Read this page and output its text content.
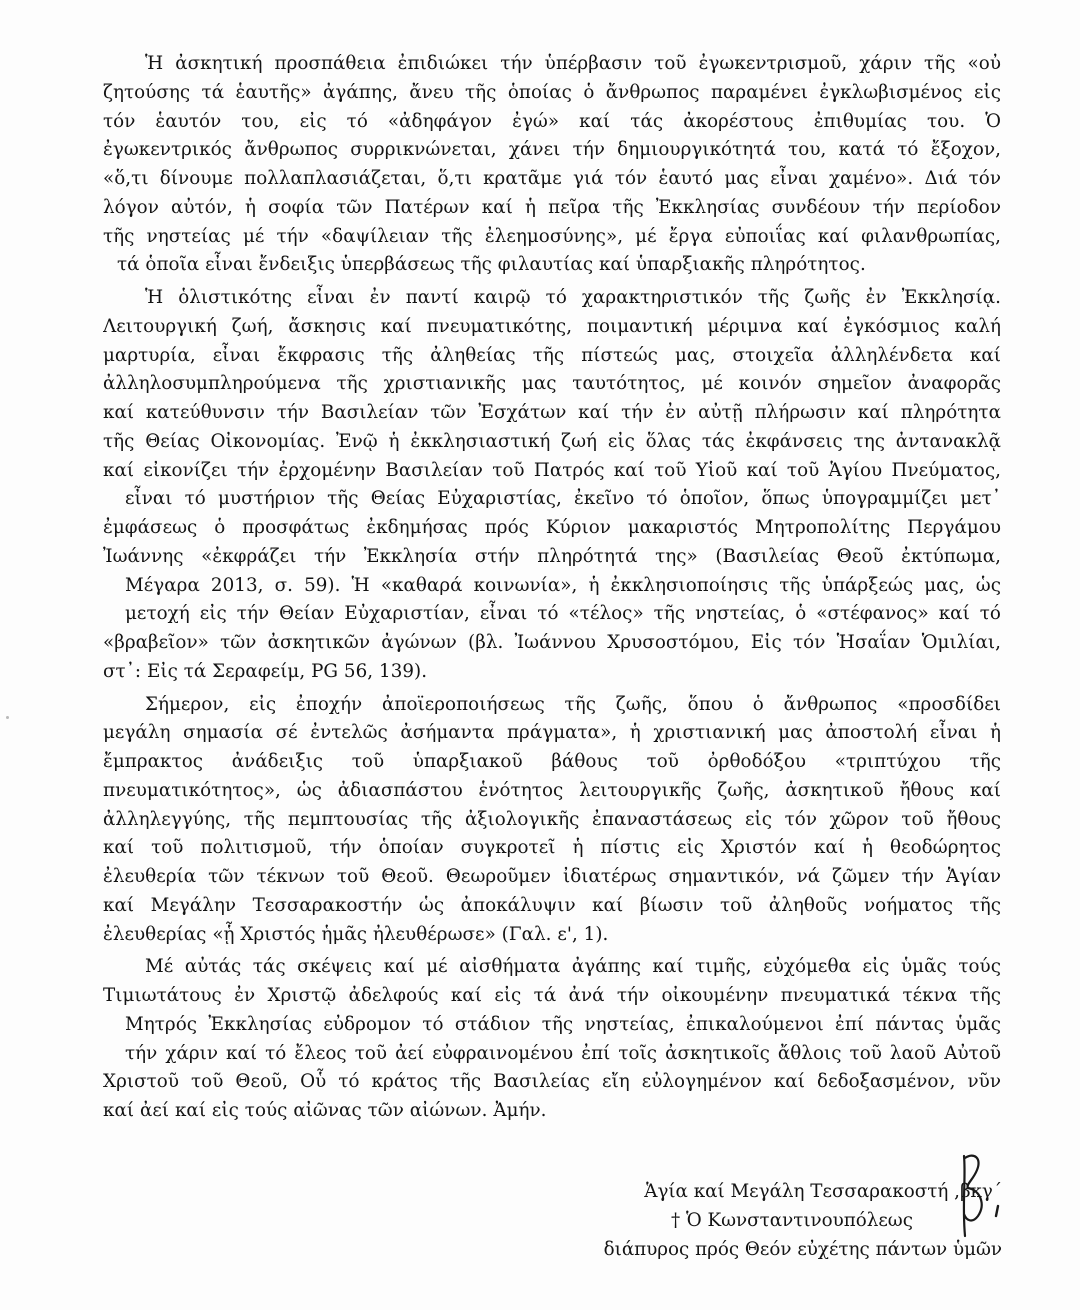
Ἡ ἀσκητική προσπάθεια ἐπιδιώκει τήν ὑπέρβασιν τοῦ ἐγωκεντρισμοῦ, χάριν τῆς «οὐ
ζητούσης τά ἑαυτῆς» ἀγάπης, ἄνευ τῆς ὁποίας ὁ ἄνθρωπος παραμένει ἐγκλωβισμένος εἰς
τόν ἑαυτόν του, εἰς τό «ἀδηφάγον ἐγώ» καί τάς ἀκορέστους ἐπιθυμίας του. Ὁ
ἐγωκεντρικός ἄνθρωπος συρρικνώνεται, χάνει τήν δημιουργικότητά του, κατά τό ἔξοχον,
«ὅ,τι δίνουμε πολλαπλασιάζεται, ὅ,τι κρατᾶμε γιά τόν ἑαυτό μας εἶναι χαμένο». Διά τόν
λόγον αὐτόν, ἡ σοφία τῶν Πατέρων καί ἡ πεῖρα τῆς Ἐκκλησίας συνδέουν τήν περίοδον
τῆς νηστείας μέ τήν «δαψίλειαν τῆς ἐλεημοσύνης», μέ ἔργα εὐποιΐας καί φιλανθρωπίας,
τά ὁποῖα εἶναι ἔνδειξις ὑπερβάσεως τῆς φιλαυτίας καί ὑπαρξιακῆς πληρότητος.

Ἡ ὁλιστικότης εἶναι ἐν παντί καιρῷ τό χαρακτηριστικόν τῆς ζωῆς ἐν Ἐκκλησίᾳ.
Λειτουργική ζωή, ἄσκησις καί πνευματικότης, ποιμαντική μέριμνα καί ἐγκόσμιος καλή
μαρτυρία, εἶναι ἔκφρασις τῆς ἀληθείας τῆς πίστεώς μας, στοιχεῖα ἀλληλένδετα καί
ἀλληλοσυμπληρούμενα τῆς χριστιανικῆς μας ταυτότητος, μέ κοινόν σημεῖον ἀναφορᾶς
καί κατεύθυνσιν τήν Βασιλείαν τῶν Ἐσχάτων καί τήν ἐν αὐτῇ πλήρωσιν καί πληρότητα
τῆς Θείας Οἰκονομίας. Ἐνῷ ἡ ἐκκλησιαστική ζωή εἰς ὅλας τάς ἐκφάνσεις της ἀντανακλᾷ
καί εἰκονίζει τήν ἐρχομένην Βασιλείαν τοῦ Πατρός καί τοῦ Υἱοῦ καί τοῦ Ἁγίου Πνεύματος,
εἶναι τό μυστήριον τῆς Θείας Εὐχαριστίας, ἐκεῖνο τό ὁποῖον, ὅπως ὑπογραμμίζει μετ᾽
ἐμφάσεως ὁ προσφάτως ἐκδημήσας πρός Κύριον μακαριστός Μητροπολίτης Περγάμου
Ἰωάννης «ἐκφράζει τήν Ἐκκλησία στήν πληρότητά της» (Βασιλείας Θεοῦ ἐκτύπωμα,
Μέγαρα 2013, σ. 59). Ἡ «καθαρά κοινωνία», ἡ ἐκκλησιοποίησις τῆς ὑπάρξεώς μας, ὡς
μετοχή εἰς τήν Θείαν Εὐχαριστίαν, εἶναι τό «τέλος» τῆς νηστείας, ὁ «στέφανος» καί τό
«βραβεῖον» τῶν ἀσκητικῶν ἀγώνων (βλ. Ἰωάννου Χρυσοστόμου, Εἰς τόν Ἡσαΐαν Ὁμιλίαι,
στ᾽: Εἰς τά Σεραφείμ, PG 56, 139).

Σήμερον, εἰς ἐποχήν ἀποϊεροποιήσεως τῆς ζωῆς, ὅπου ὁ ἄνθρωπος «προσδίδει
μεγάλη σημασία σέ ἐντελῶς ἀσήμαντα πράγματα», ἡ χριστιανική μας ἀποστολή εἶναι ἡ
ἔμπρακτος ἀνάδειξις τοῦ ὑπαρξιακοῦ βάθους τοῦ ὀρθοδόξου «τριπτύχου τῆς
πνευματικότητος», ὡς ἀδιασπάστου ἑνότητος λειτουργικῆς ζωῆς, ἀσκητικοῦ ἤθους καί
ἀλληλεγγύης, τῆς πεμπτουσίας τῆς ἀξιολογικῆς ἐπαναστάσεως εἰς τόν χῶρον τοῦ ἤθους
καί τοῦ πολιτισμοῦ, τήν ὁποίαν συγκροτεῖ ἡ πίστις εἰς Χριστόν καί ἡ θεοδώρητος
ἐλευθερία τῶν τέκνων τοῦ Θεοῦ. Θεωροῦμεν ἰδιατέρως σημαντικόν, νά ζῶμεν τήν Ἁγίαν
καί Μεγάλην Τεσσαρακοστήν ὡς ἀποκάλυψιν καί βίωσιν τοῦ ἀληθοῦς νοήματος τῆς
ἐλευθερίας «ᾗ Χριστός ἡμᾶς ἠλευθέρωσε» (Γαλ. ε', 1).

Μέ αὐτάς τάς σκέψεις καί μέ αἰσθήματα ἀγάπης καί τιμῆς, εὐχόμεθα εἰς ὑμᾶς τούς
Τιμιωτάτους ἐν Χριστῷ ἀδελφούς καί εἰς τά ἀνά τήν οἰκουμένην πνευματικά τέκνα τῆς
Μητρός Ἐκκλησίας εὐδρομον τό στάδιον τῆς νηστείας, ἐπικαλούμενοι ἐπί πάντας ὑμᾶς
τήν χάριν καί τό ἔλεος τοῦ ἀεί εὐφραινομένου ἐπί τοῖς ἀσκητικοῖς ἄθλοις τοῦ λαοῦ Αὐτοῦ
Χριστοῦ τοῦ Θεοῦ, Οὗ τό κράτος τῆς Βασιλείας εἴη εὐλογημένον καί δεδοξασμένον, νῦν
καί ἀεί καί εἰς τούς αἰῶνας τῶν αἰώνων. Ἀμήν.

Ἁγία καί Μεγάλη Τεσσαρακοστή ,βκγ΄
† Ὁ Κωνσταντινουπόλεως
διάπυρος πρός Θεόν εὐχέτης πάντων ὑμῶν
